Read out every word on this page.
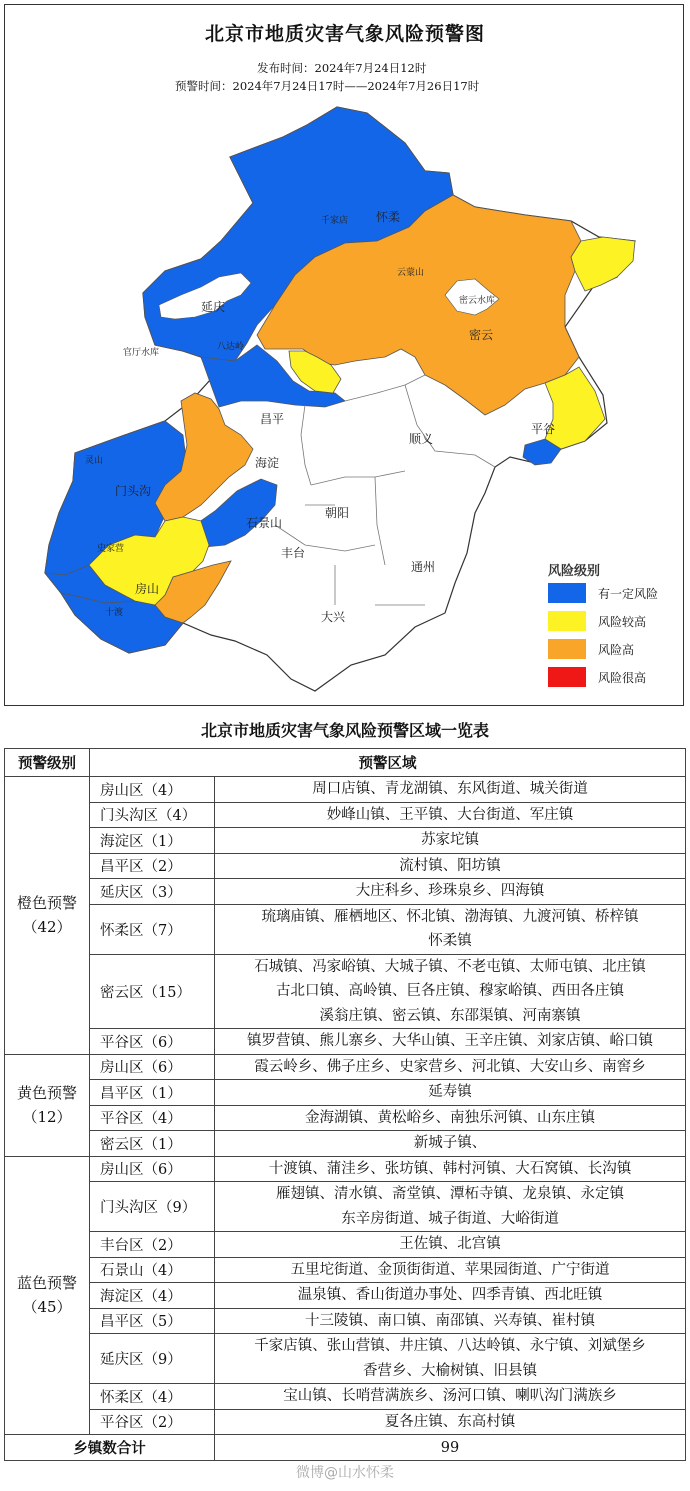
北京市地质灾害气象风险预警图
发布时间：2024年7月24日12时
预警时间：2024年7月24日17时——2024年7月26日17时
怀柔
千家店
延庆
官厅水库
八达岭
云蒙山
密云水库
密云
平谷
昌平
顺义
海淀
门头沟
灵山
石景山
朝阳
丰台
史家营
房山
十渡
通州
大兴
风险级别
有一定风险
风险较高
风险高
风险很高
北京市地质灾害气象风险预警区域一览表
预警级别	预警区域	
橙色预警
（42）	房山区（4）	周口店镇、青龙湖镇、东风街道、城关街道
	门头沟区（4）	妙峰山镇、王平镇、大台街道、军庄镇
	海淀区（1）	苏家坨镇
	昌平区（2）	流村镇、阳坊镇
	延庆区（3）	大庄科乡、珍珠泉乡、四海镇
	怀柔区（7）	琉璃庙镇、雁栖地区、怀北镇、渤海镇、九渡河镇、桥梓镇
怀柔镇
	密云区（15）	石城镇、冯家峪镇、大城子镇、不老屯镇、太师屯镇、北庄镇
古北口镇、高岭镇、巨各庄镇、穆家峪镇、西田各庄镇
溪翁庄镇、密云镇、东邵渠镇、河南寨镇
	平谷区（6）	镇罗营镇、熊儿寨乡、大华山镇、王辛庄镇、刘家店镇、峪口镇
黄色预警
（12）	房山区（6）	霞云岭乡、佛子庄乡、史家营乡、河北镇、大安山乡、南窖乡
	昌平区（1）	延寿镇
	平谷区（4）	金海湖镇、黄松峪乡、南独乐河镇、山东庄镇
	密云区（1）	新城子镇、
蓝色预警
（45）	房山区（6）	十渡镇、蒲洼乡、张坊镇、韩村河镇、大石窝镇、长沟镇
	门头沟区（9）	雁翅镇、清水镇、斋堂镇、潭柘寺镇、龙泉镇、永定镇
东辛房街道、城子街道、大峪街道
	丰台区（2）	王佐镇、北宫镇
	石景山（4）	五里坨街道、金顶街街道、苹果园街道、广宁街道
	海淀区（4）	温泉镇、香山街道办事处、四季青镇、西北旺镇
	昌平区（5）	十三陵镇、南口镇、南邵镇、兴寿镇、崔村镇
	延庆区（9）	千家店镇、张山营镇、井庄镇、八达岭镇、永宁镇、刘斌堡乡
香营乡、大榆树镇、旧县镇
	怀柔区（4）	宝山镇、长哨营满族乡、汤河口镇、喇叭沟门满族乡
	平谷区（2）	夏各庄镇、东高村镇
乡镇数合计		99
微博@山水怀柔
